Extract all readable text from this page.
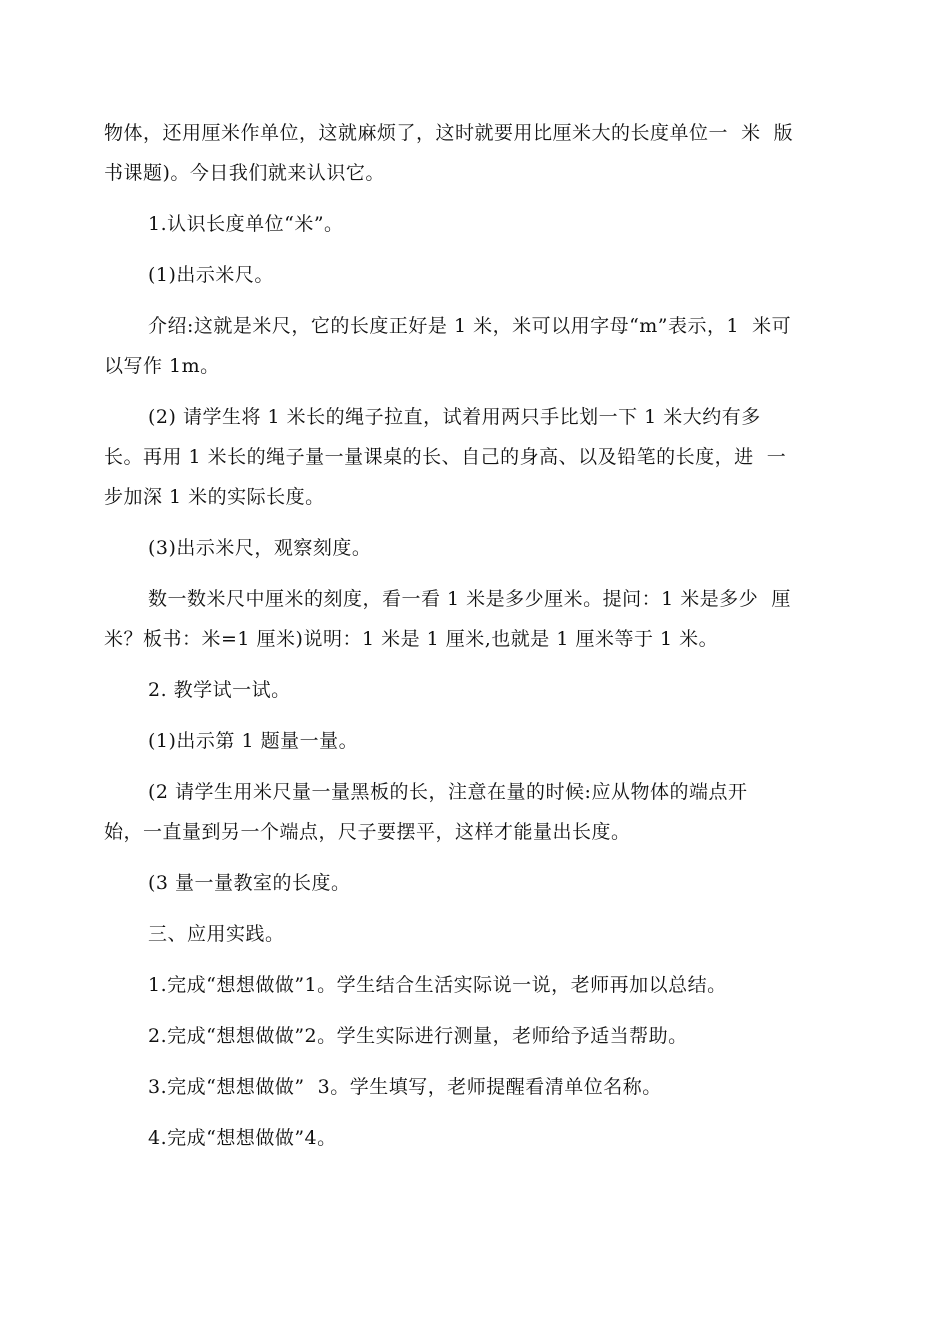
物体，还用厘米作单位，这就麻烦了，这时就要用比厘米大的长度单位一  米  版
书课题)。今日我们就来认识它。
1.认识长度单位“米”。
(1)出示米尺。
介绍:这就是米尺，它的长度正好是 1 米，米可以用字母“m”表示，1  米可
以写作 1m。
(2) 请学生将 1 米长的绳子拉直，试着用两只手比划一下 1 米大约有多
长。再用 1 米长的绳子量一量课桌的长、自己的身高、以及铅笔的长度，进  一
步加深 1 米的实际长度。
(3)出示米尺，观察刻度。
数一数米尺中厘米的刻度，看一看 1 米是多少厘米。提问：1 米是多少  厘
米？板书：米=1 厘米)说明：1 米是 1 厘米,也就是 1 厘米等于 1 米。
2. 教学试一试。
(1)出示第 1 题量一量。
(2 请学生用米尺量一量黑板的长，注意在量的时候:应从物体的端点开
始，一直量到另一个端点，尺子要摆平，这样才能量出长度。
(3 量一量教室的长度。
三、应用实践。
1.完成“想想做做”1。学生结合生活实际说一说，老师再加以总结。
2.完成“想想做做”2。学生实际进行测量，老师给予适当帮助。
3.完成“想想做做”  3。学生填写，老师提醒看清单位名称。
4.完成“想想做做”4。
